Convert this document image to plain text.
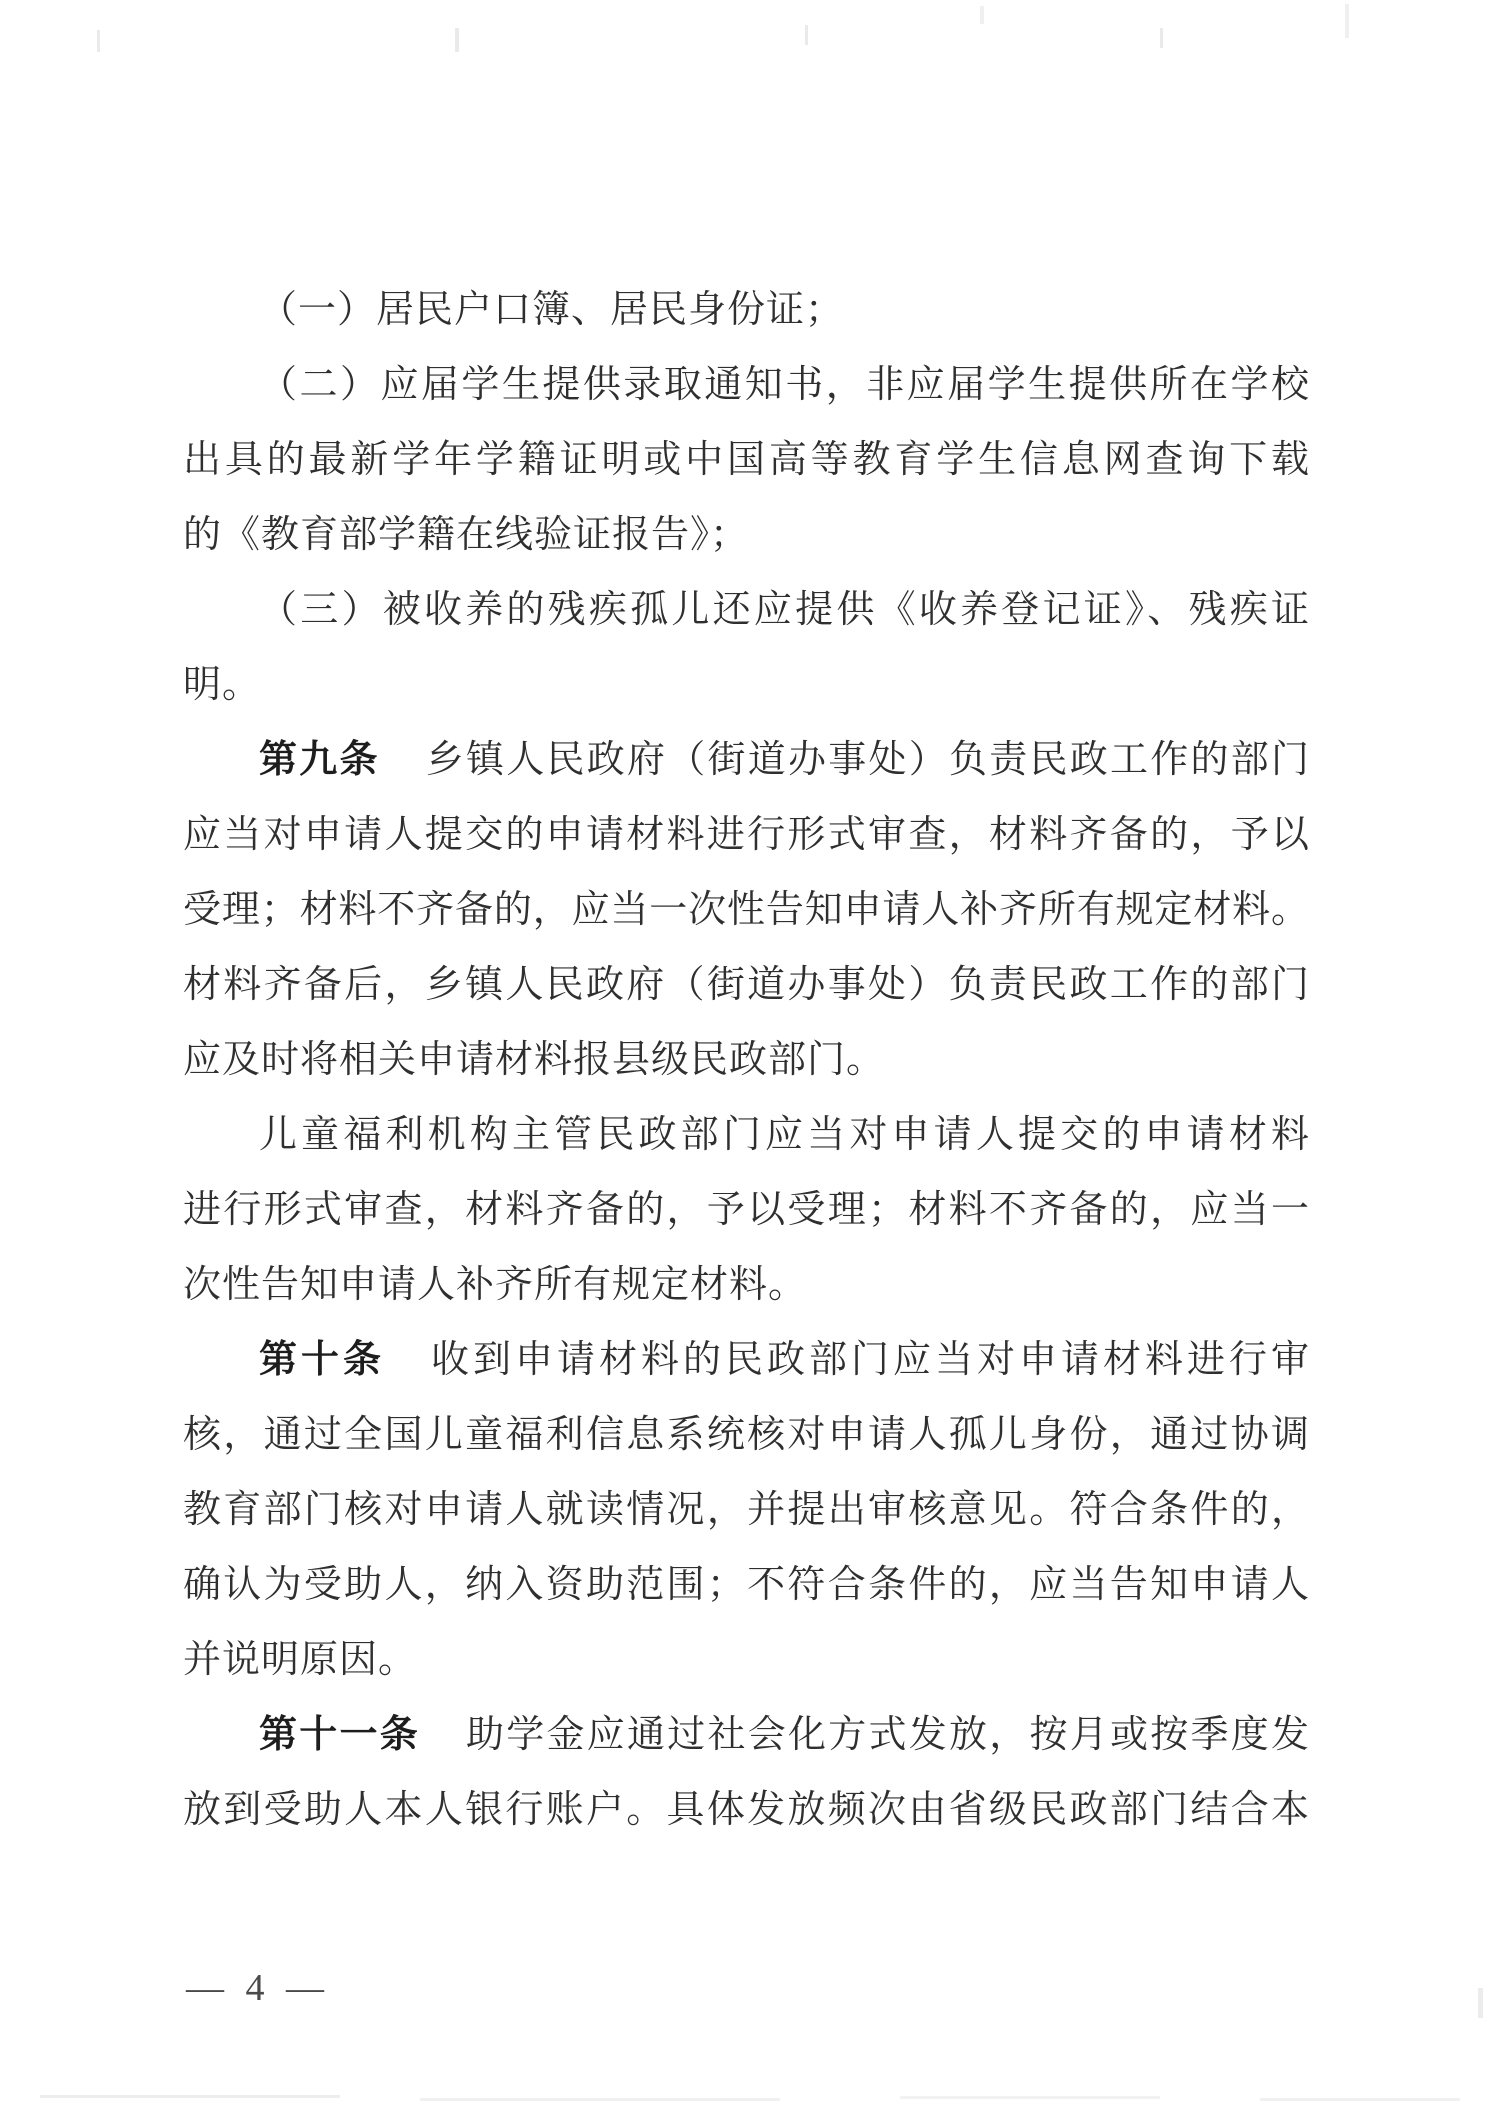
（一）居民户口簿、居民身份证；
（二）应届学生提供录取通知书，非应届学生提供所在学校
出具的最新学年学籍证明或中国高等教育学生信息网查询下载
的《教育部学籍在线验证报告》；
（三）被收养的残疾孤儿还应提供《收养登记证》、残疾证
明。
第九条 乡镇人民政府（街道办事处）负责民政工作的部门
应当对申请人提交的申请材料进行形式审查，材料齐备的，予以
受理；材料不齐备的，应当一次性告知申请人补齐所有规定材料。
材料齐备后，乡镇人民政府（街道办事处）负责民政工作的部门
应及时将相关申请材料报县级民政部门。
儿童福利机构主管民政部门应当对申请人提交的申请材料
进行形式审查，材料齐备的，予以受理；材料不齐备的，应当一
次性告知申请人补齐所有规定材料。
第十条 收到申请材料的民政部门应当对申请材料进行审
核，通过全国儿童福利信息系统核对申请人孤儿身份，通过协调
教育部门核对申请人就读情况，并提出审核意见。符合条件的，
确认为受助人，纳入资助范围；不符合条件的，应当告知申请人
并说明原因。
第十一条 助学金应通过社会化方式发放，按月或按季度发
放到受助人本人银行账户。具体发放频次由省级民政部门结合本
— 4 —
